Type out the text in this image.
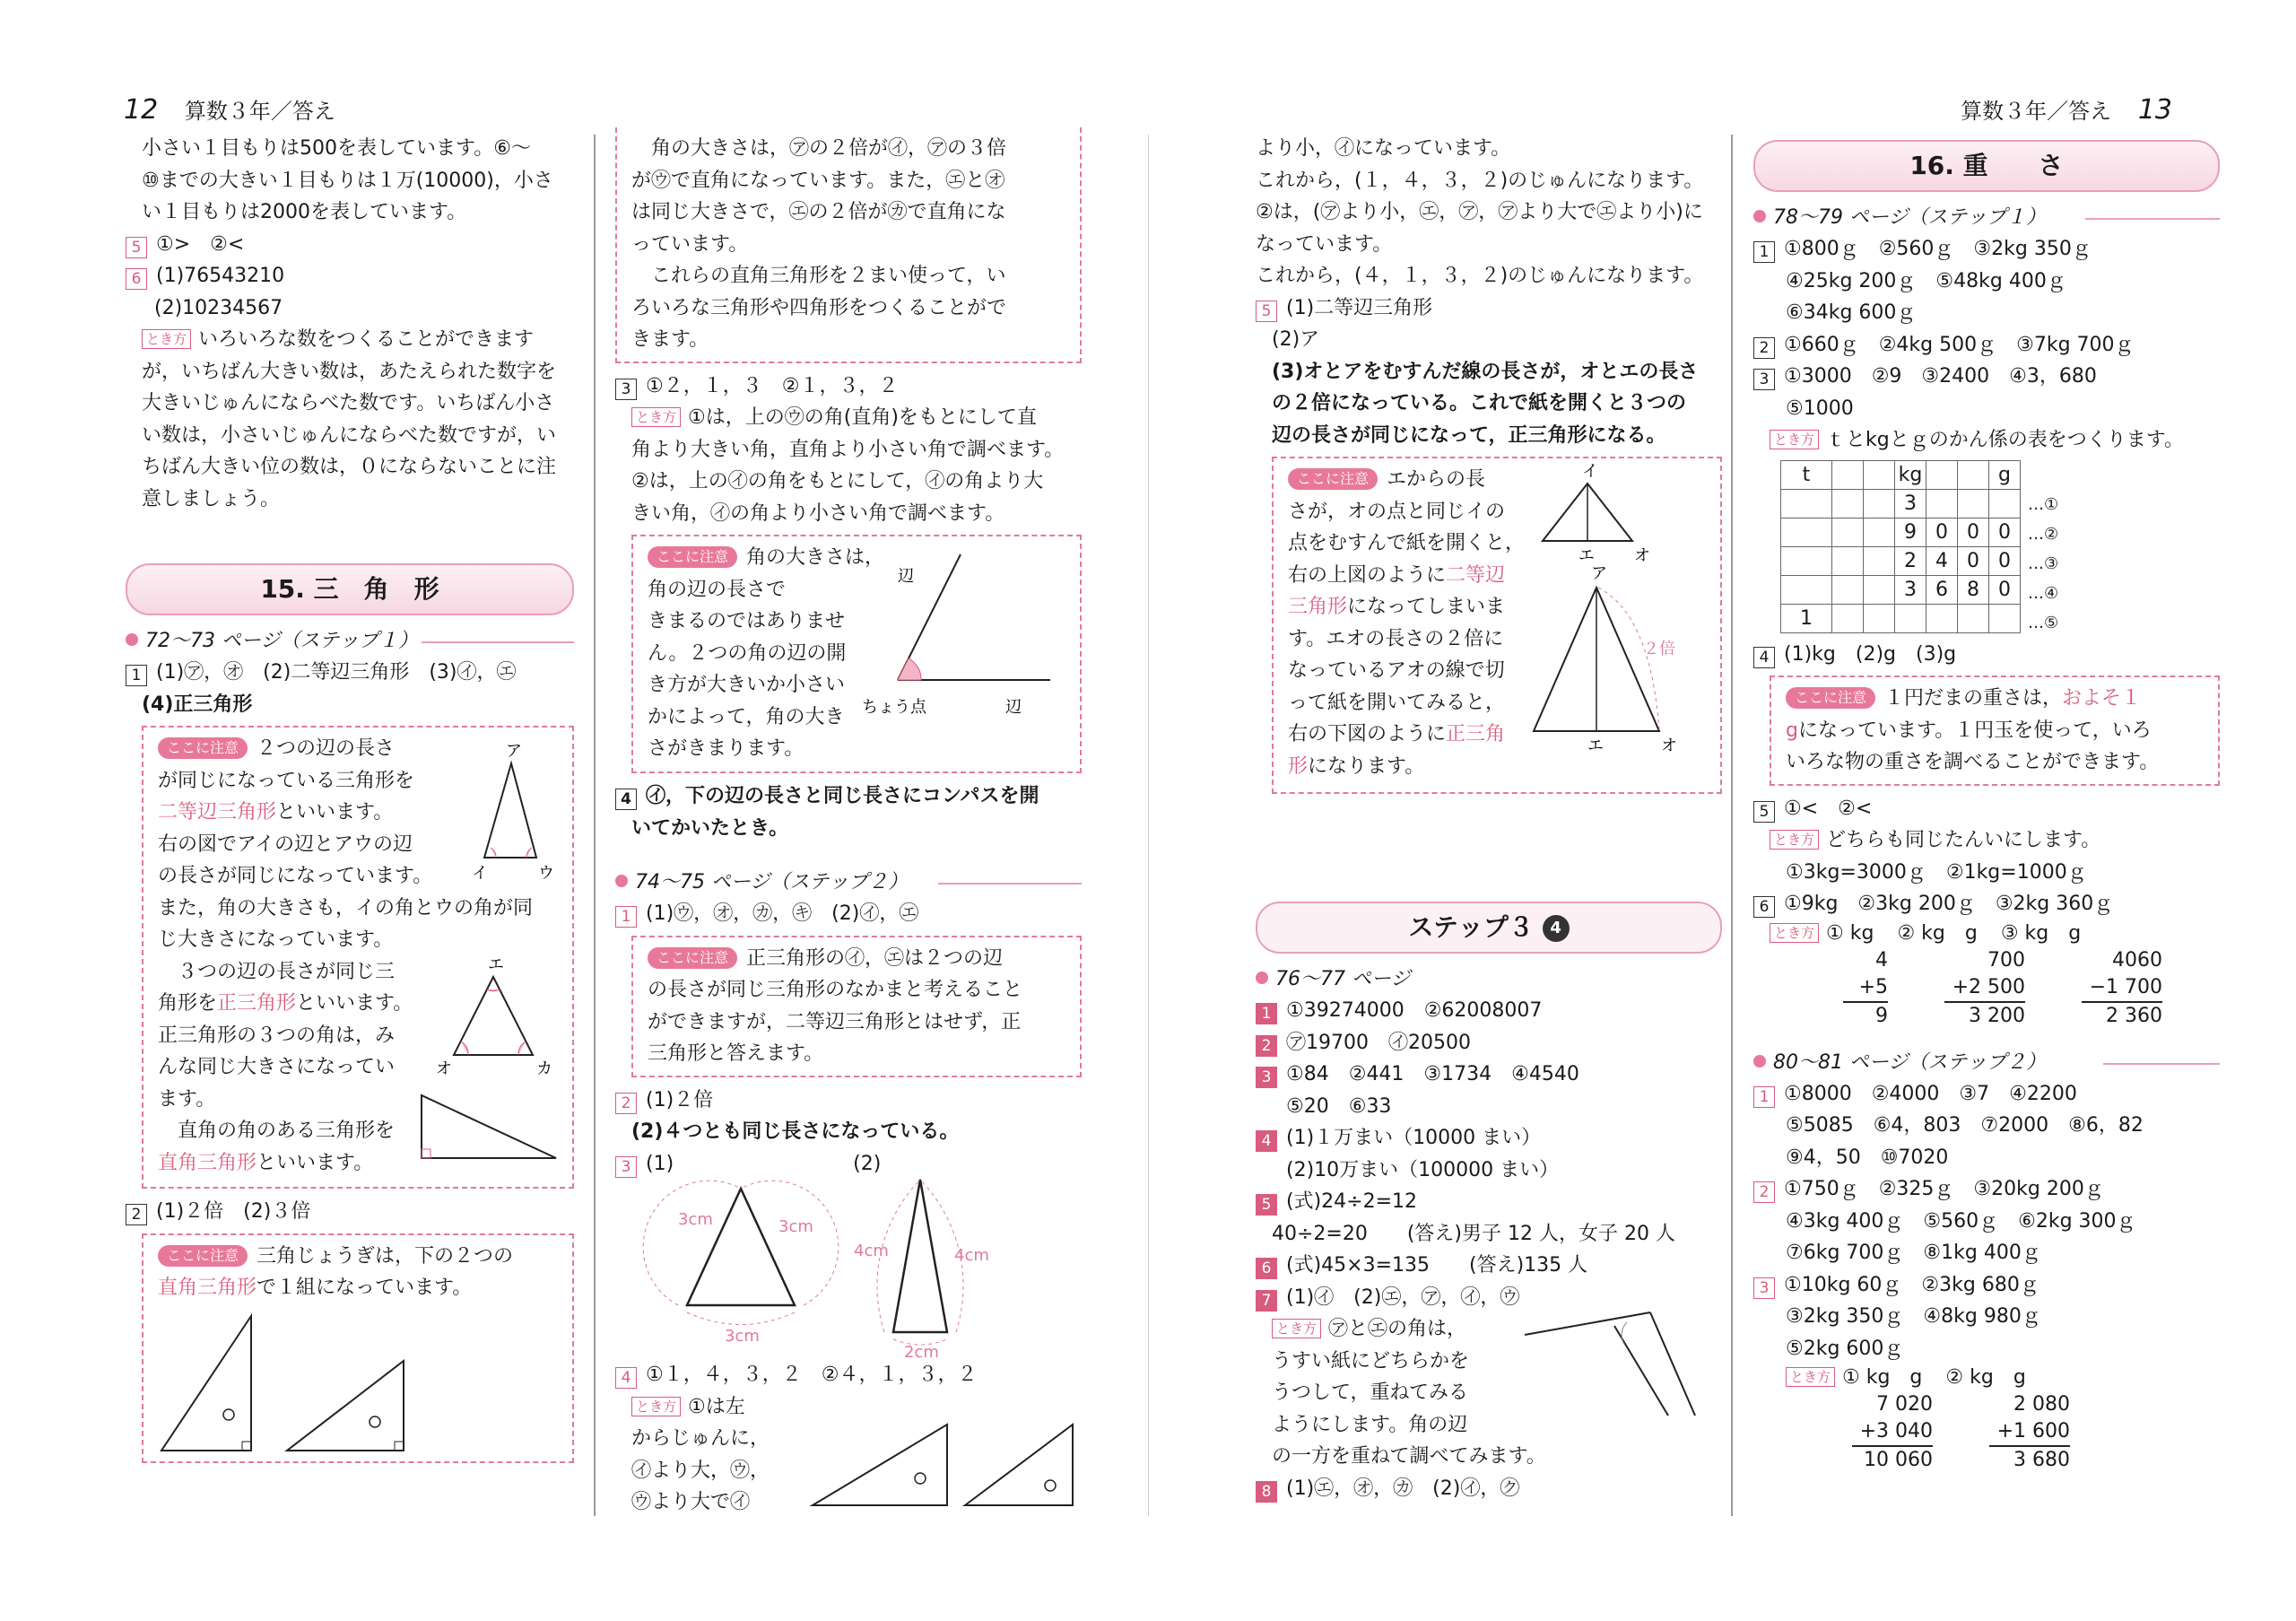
12 算数３年／答え	算数３年／答え 13

小さい１目もりは500を表しています。⑥～

⑩までの大きい１目もりは１万(10000)，小さ

い１目もりは2000を表しています。

5 ①>　②<

6 (1)76543210

(2)10234567

とき方 いろいろな数をつくることができます

が，いちばん大きい数は，あたえられた数字を

大きいじゅんにならべた数です。いちばん小さ

い数は，小さいじゅんにならべた数ですが，い

ちばん大きい位の数は，０にならないことに注

意しましょう。

15. 三　角　形
72～73 ページ（ステップ１）

1 (1)㋐，㋔　(2)二等辺三角形　(3)㋑，㋓

(4)正三角形

ここに注意 ２つの辺の長さ

が同じになっている三角形を

二等辺三角形といいます。

右の図でアイの辺とアウの辺

の長さが同じになっています。

また，角の大きさも，イの角とウの角が同

じ大きさになっています。

３つの辺の長さが同じ三

角形を正三角形といいます。

正三角形の３つの角は，み

んな同じ大きさになってい

ます。

直角の角のある三角形を

直角三角形といいます。

ア
イ	ウ
エ
オ	カ

2 (1)２倍　(2)３倍

ここに注意 三角じょうぎは，下の２つの

直角三角形で１組になっています。

角の大きさは，㋐の２倍が㋑，㋐の３倍

が㋒で直角になっています。また，㋓と㋔

は同じ大きさで，㋓の２倍が㋕で直角にな

っています。

これらの直角三角形を２まい使って，い

ろいろな三角形や四角形をつくることがで

きます。

3 ①２，１，３　②１，３，２

とき方 ①は，上の㋒の角(直角)をもとにして直

角より大きい角，直角より小さい角で調べます。

②は，上の㋑の角をもとにして，㋑の角より大

きい角，㋑の角より小さい角で調べます。

ここに注意 角の大きさは，

角の辺の長さで

きまるのではありませ

ん。２つの角の辺の開

き方が大きいか小さい

かによって，角の大き

さがきまります。

辺
辺
ちょう点

4 ㋑，下の辺の長さと同じ長さにコンパスを開

いてかいたとき。

74～75 ページ（ステップ２）

1 (1)㋒，㋔，㋕，㋖　(2)㋑，㋓

ここに注意 正三角形の㋑，㋓は２つの辺

の長さが同じ三角形のなかまと考えること

ができますが，二等辺三角形とはせず，正

三角形と答えます。

2 (1)２倍

(2)４つとも同じ長さになっている。

3 (1)	(2)

3cm	3cm
3cm
4cm	4cm
2cm

4 ①１，４，３，２　②４，１，３，２

とき方 ①は左

からじゅんに，

㋑より大，㋒，

㋒より大で㋑

より小，㋑になっています。

これから，(１，４，３，２)のじゅんになります。

②は，(㋐より小，㋓，㋐，㋐より大で㋓より小)に

なっています。

これから，(４，１，３，２)のじゅんになります。

5 (1)二等辺三角形

(2)ア

(3)オとアをむすんだ線の長さが，オとエの長さ

の２倍になっている。これで紙を開くと３つの

辺の長さが同じになって，正三角形になる。

ここに注意 エからの長

さが，オの点と同じイの

点をむすんで紙を開くと，

右の上図のように二等辺

三角形になってしまいま

す。エオの長さの２倍に

なっているアオの線で切

って紙を開いてみると，

右の下図のように正三角

形になります。

イ
エ オ
ア
２倍
エ	オ
ステップ３ 4
76～77 ページ

1 ①39274000　②62008007

2 ㋐19700　㋑20500

3 ①84　②441　③1734　④4540

⑤20　⑥33

4 (1)１万まい（10000 まい）

(2)10万まい（100000 まい）

5 (式)24÷2=12

40÷2=20　　(答え)男子 12 人，女子 20 人

6 (式)45×3=135　　(答え)135 人

7 (1)㋑　(2)㋓，㋐，㋑，㋒

とき方 ㋐と㋓の角は，

うすい紙にどちらかを

うつして，重ねてみる

ようにします。角の辺

の一方を重ねて調べてみます。

8 (1)㋓，㋔，㋕　(2)㋑，㋗

16. 重　　さ
78～79 ページ（ステップ１）

1 ①800ｇ　②560ｇ　③2kg 350ｇ

④25kg 200ｇ　⑤48kg 400ｇ

⑥34kg 600ｇ

2 ①660ｇ　②4kg 500ｇ　③7kg 700ｇ

3 ①3000　②9　③2400　④3，680

⑤1000

とき方 ｔとkgとｇのかん係の表をつくります。

t			kg			g
			3			
			9	0	0	0
			2	4	0	0
			3	6	8	0
1						
…①
…②
…③
…④
…⑤

4 (1)kg　(2)g　(3)g

ここに注意 １円だまの重さは，およそ１

gになっています。１円玉を使って，いろ

いろな物の重さを調べることができます。

5 ①<　②<

とき方 どちらも同じたんいにします。

①3kg=3000ｇ　②1kg=1000ｇ

6 ①9kg　②3kg 200ｇ　③2kg 360ｇ

とき方 ① kg ② kg　g ③ kg　g

4
+5
9

700
+2 500
3 200

4060
−1 700
2 360
80～81 ページ（ステップ２）

1 ①8000　②4000　③7　④2200

⑤5085　⑥4，803　⑦2000　⑧6，82

⑨4，50　⑩7020

2 ①750ｇ　②325ｇ　③20kg 200ｇ

④3kg 400ｇ　⑤560ｇ　⑥2kg 300ｇ

⑦6kg 700ｇ　⑧1kg 400ｇ

3 ①10kg 60ｇ　②3kg 680ｇ

③2kg 350ｇ　④8kg 980ｇ

⑤2kg 600ｇ

とき方 ① kg　g ② kg　g

7 020
+3 040
10 060

2 080
+1 600
3 680
